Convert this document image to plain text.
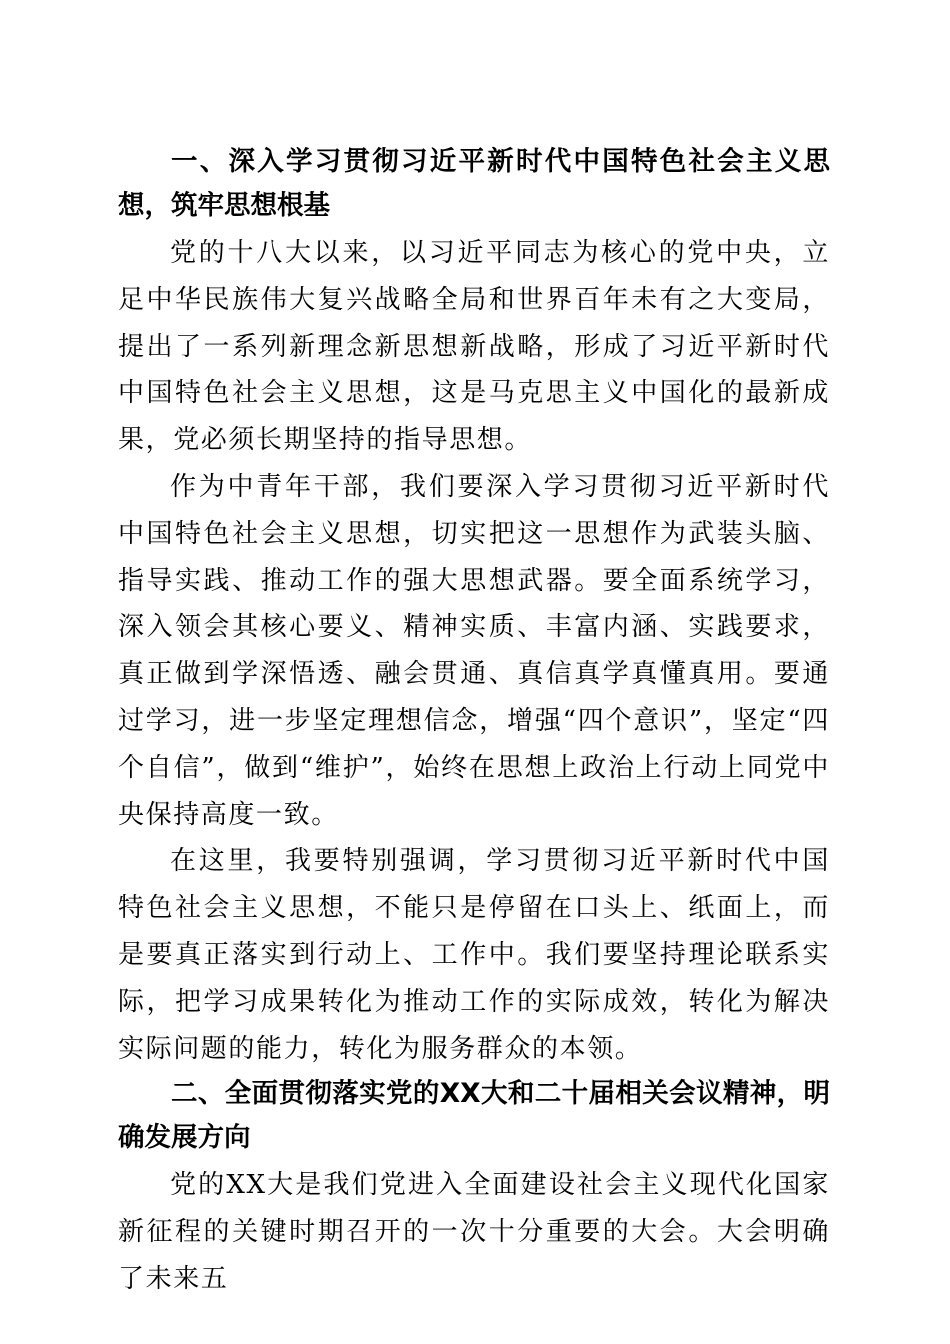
一、深入学习贯彻习近平新时代中国特色社会主义思想，筑牢思想根基

党的十八大以来，以习近平同志为核心的党中央，立足中华民族伟大复兴战略全局和世界百年未有之大变局，提出了一系列新理念新思想新战略，形成了习近平新时代中国特色社会主义思想，这是马克思主义中国化的最新成果，党必须长期坚持的指导思想。

作为中青年干部，我们要深入学习贯彻习近平新时代中国特色社会主义思想，切实把这一思想作为武装头脑、指导实践、推动工作的强大思想武器。要全面系统学习，深入领会其核心要义、精神实质、丰富内涵、实践要求，真正做到学深悟透、融会贯通、真信真学真懂真用。要通过学习，进一步坚定理想信念，增强“四个意识”，坚定“四个自信”，做到“维护”，始终在思想上政治上行动上同党中央保持高度一致。

在这里，我要特别强调，学习贯彻习近平新时代中国特色社会主义思想，不能只是停留在口头上、纸面上，而是要真正落实到行动上、工作中。我们要坚持理论联系实际，把学习成果转化为推动工作的实际成效，转化为解决实际问题的能力，转化为服务群众的本领。

二、全面贯彻落实党的XX大和二十届相关会议精神，明确发展方向

党的XX大是我们党进入全面建设社会主义现代化国家新征程的关键时期召开的一次十分重要的大会。大会明确了未来五
